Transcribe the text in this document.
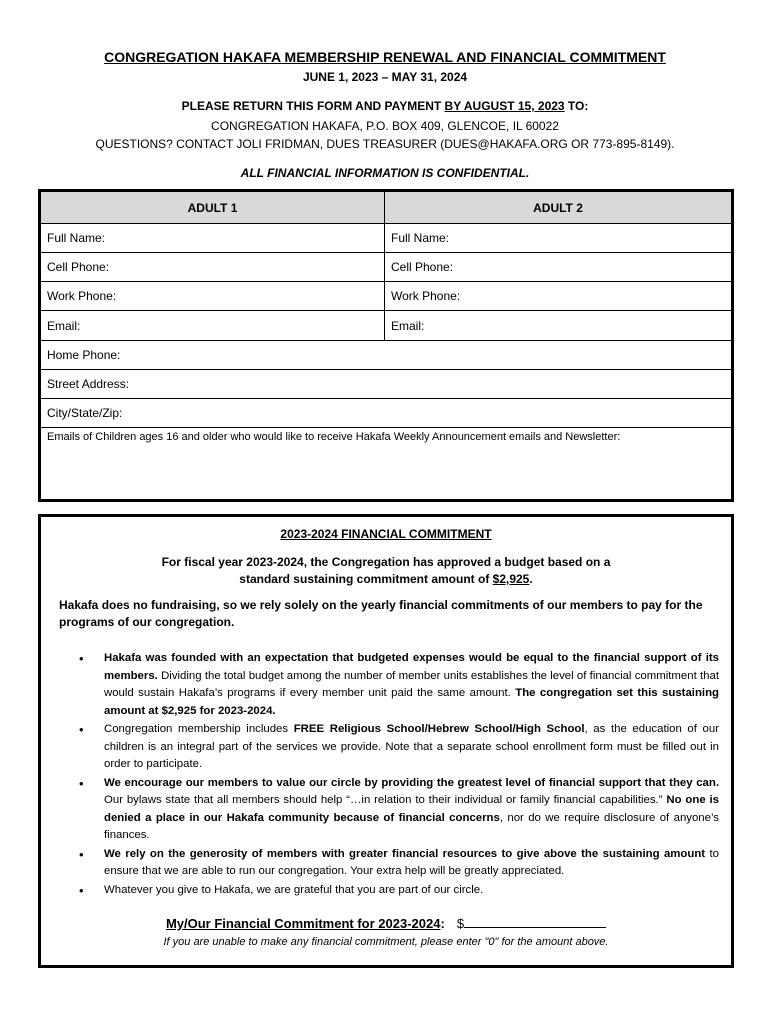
CONGREGATION HAKAFA MEMBERSHIP RENEWAL AND FINANCIAL COMMITMENT
JUNE 1, 2023 – MAY 31, 2024
PLEASE RETURN THIS FORM AND PAYMENT BY AUGUST 15, 2023 TO:
CONGREGATION HAKAFA, P.O. BOX 409, GLENCOE, IL 60022
QUESTIONS? CONTACT JOLI FRIDMAN, DUES TREASURER (DUES@HAKAFA.ORG OR 773-895-8149).
ALL FINANCIAL INFORMATION IS CONFIDENTIAL.
ADULT 1	ADULT 2
Full Name:	Full Name:
Cell Phone:	Cell Phone:
Work Phone:	Work Phone:
Email:	Email:
Home Phone:
Street Address:
City/State/Zip:
Emails of Children ages 16 and older who would like to receive Hakafa Weekly Announcement emails and Newsletter:
2023-2024 FINANCIAL COMMITMENT
For fiscal year 2023-2024, the Congregation has approved a budget based on a
standard sustaining commitment amount of $2,925.
Hakafa does no fundraising, so we rely solely on the yearly financial commitments of our members to pay for the programs of our congregation.
• Hakafa was founded with an expectation that budgeted expenses would be equal to the financial support of its members. Dividing the total budget among the number of member units establishes the level of financial commitment that would sustain Hakafa’s programs if every member unit paid the same amount. The congregation set this sustaining amount at $2,925 for 2023-2024.
• Congregation membership includes FREE Religious School/Hebrew School/High School, as the education of our children is an integral part of the services we provide. Note that a separate school enrollment form must be filled out in order to participate.
• We encourage our members to value our circle by providing the greatest level of financial support that they can. Our bylaws state that all members should help “…in relation to their individual or family financial capabilities.” No one is denied a place in our Hakafa community because of financial concerns, nor do we require disclosure of anyone’s finances.
• We rely on the generosity of members with greater financial resources to give above the sustaining amount to ensure that we are able to run our congregation. Your extra help will be greatly appreciated.
• Whatever you give to Hakafa, we are grateful that you are part of our circle.
My/Our Financial Commitment for 2023-2024: $
If you are unable to make any financial commitment, please enter "0" for the amount above.
